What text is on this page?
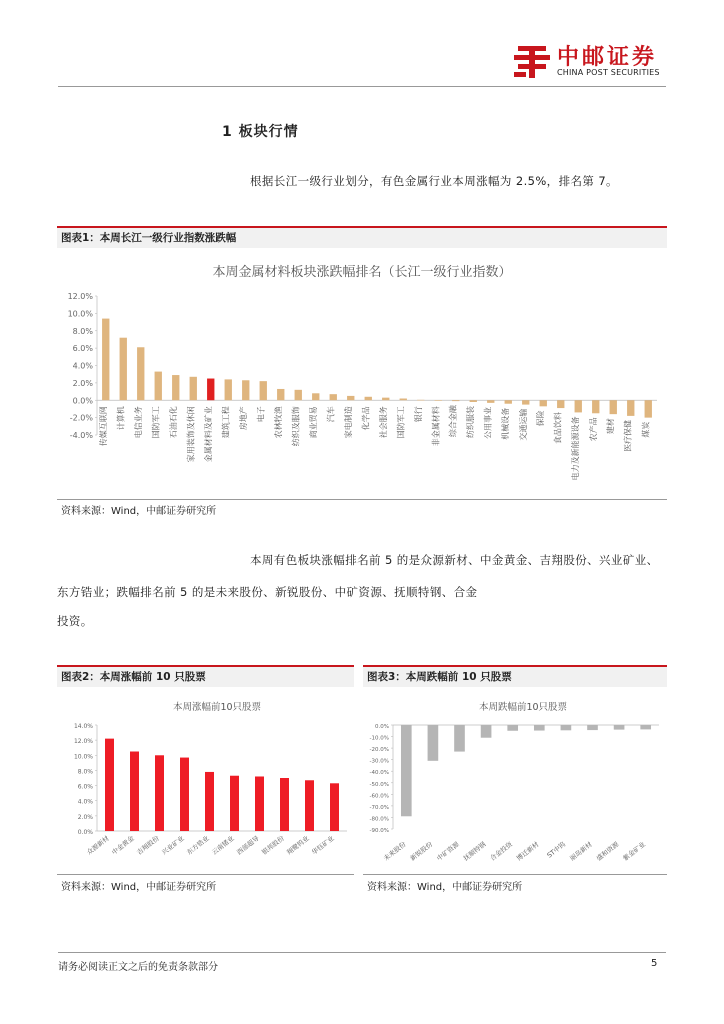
中邮证券
CHINA POST SECURITIES
1 板块行情
根据长江一级行业划分，有色金属行业本周涨幅为 2.5%，排名第 7。
图表1：本周长江一级行业指数涨跌幅
资料来源：Wind，中邮证券研究所
本周金属材料板块涨跌幅排名（长江一级行业指数）
12.0%
10.0%
8.0%
6.0%
4.0%
2.0%
0.0%
-2.0%
-4.0% 传媒互联网 计算机 电信业务 国防军工 石油石化 家用装饰及休闲 金属材料及矿业 建筑工程 房地产 电子 农林牧渔 纺织及服饰 商业贸易 汽车 家电制造 化学品 社会服务 国防军工 银行 非金属材料 综合金融 纺织服装 公用事业 机械设备 交通运输 保险 食品饮料 电力及新能源设备 农产品 建材 医疗保健 煤炭
本周有色板块涨幅排名前 5 的是众源新材、中金黄金、吉翔股份、兴业矿业、
东方锆业；跌幅排名前 5 的是未来股份、新锐股份、中矿资源、抚顺特钢、合金
投资。
图表2：本周涨幅前 10 只股票
资料来源：Wind，中邮证券研究所
本周涨幅前10只股票
14.0%
12.0%
10.0%
8.0%
6.0%
4.0%
2.0%
0.0%
众源新材 中金黄金 吉翔股份 兴业矿业 东方锆业 云南锗业 西部超导 银邦股份 翔鹭钨业 华钰矿业
图表3：本周跌幅前 10 只股票
资料来源：Wind，中邮证券研究所
本周跌幅前10只股票
0.0%
-10.0%
-20.0%
-30.0%
-40.0%
-50.0%
-60.0%
-70.0%
-80.0%
-90.0%
未来股份 新锐股份 中矿资源 抚顺特钢 合金投资 博迁新材 ST中钨 丽岛新材 盛和资源 紫金矿业
请务必阅读正文之后的免责条款部分	5
